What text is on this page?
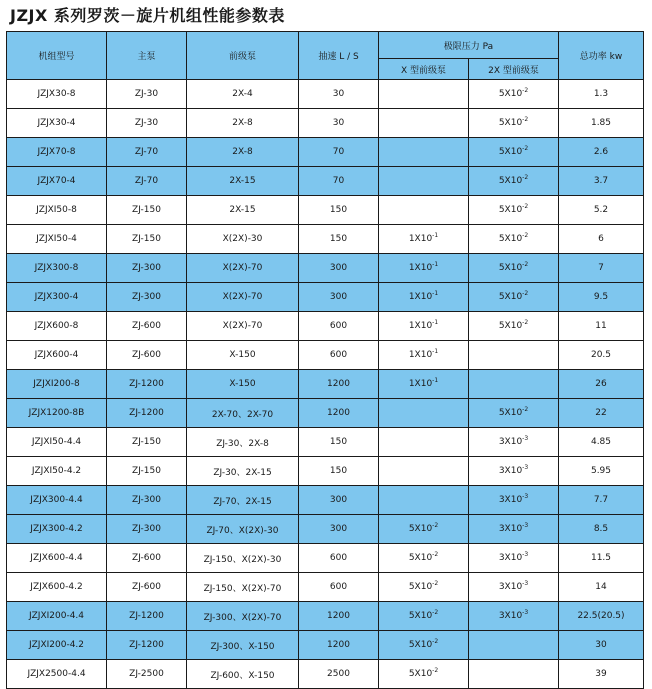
JZJX 系列罗茨－旋片机组性能参数表
机组型号	主泵	前级泵	抽速 L / S	极限压力 Pa		总功率 kw
				X 型前级泵	2X 型前级泵	
JZJX30-8	ZJ-30	2X-4	30		$5X10^{-2}$	1.3
JZJX30-4	ZJ-30	2X-8	30		$5X10^{-2}$	1.85
JZJX70-8	ZJ-70	2X-8	70		$5X10^{-2}$	2.6
JZJX70-4	ZJ-70	2X-15	70		$5X10^{-2}$	3.7
JZJXI50-8	ZJ-150	2X-15	150		$5X10^{-2}$	5.2
JZJXI50-4	ZJ-150	X(2X)-30	150	$1X10^{-1}$	$5X10^{-2}$	6
JZJX300-8	ZJ-300	X(2X)-70	300	$1X10^{-1}$	$5X10^{-2}$	7
JZJX300-4	ZJ-300	X(2X)-70	300	$1X10^{-1}$	$5X10^{-2}$	9.5
JZJX600-8	ZJ-600	X(2X)-70	600	$1X10^{-1}$	$5X10^{-2}$	11
JZJX600-4	ZJ-600	X-150	600	$1X10^{-1}$		20.5
JZJXI200-8	ZJ-1200	X-150	1200	$1X10^{-1}$		26
JZJX1200-8B	ZJ-1200	2X-70、2X-70	1200		$5X10^{-2}$	22
JZJXI50-4.4	ZJ-150	ZJ-30、2X-8	150		$3X10^{-3}$	4.85
JZJXI50-4.2	ZJ-150	ZJ-30、2X-15	150		$3X10^{-3}$	5.95
JZJX300-4.4	ZJ-300	ZJ-70、2X-15	300		$3X10^{-3}$	7.7
JZJX300-4.2	ZJ-300	ZJ-70、X(2X)-30	300	$5X10^{-2}$	$3X10^{-3}$	8.5
JZJX600-4.4	ZJ-600	ZJ-150、X(2X)-30	600	$5X10^{-2}$	$3X10^{-3}$	11.5
JZJX600-4.2	ZJ-600	ZJ-150、X(2X)-70	600	$5X10^{-2}$	$3X10^{-3}$	14
JZJXI200-4.4	ZJ-1200	ZJ-300、X(2X)-70	1200	$5X10^{-2}$	$3X10^{-3}$	22.5(20.5)
JZJXI200-4.2	ZJ-1200	ZJ-300、X-150	1200	$5X10^{-2}$		30
JZJX2500-4.4	ZJ-2500	ZJ-600、X-150	2500	$5X10^{-2}$		39
